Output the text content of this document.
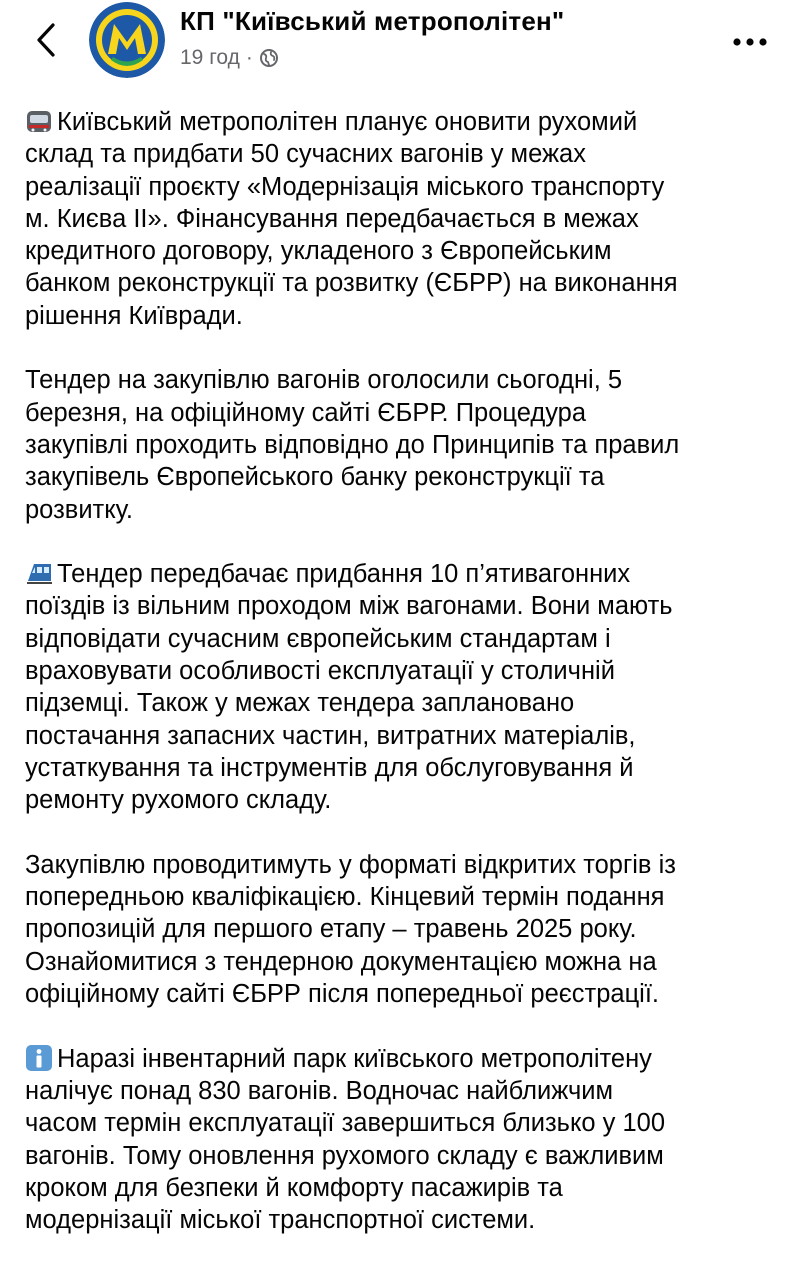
КП "Київський метрополітен"
19 год ·

Київський метрополітен планує оновити рухомий
склад та придбати 50 сучасних вагонів у межах
реалізації проєкту «Модернізація міського транспорту
м. Києва ІІ». Фінансування передбачається в межах
кредитного договору, укладеного з Європейським
банком реконструкції та розвитку (ЄБРР) на виконання
рішення Київради.

Тендер на закупівлю вагонів оголосили сьогодні, 5
березня, на офіційному сайті ЄБРР. Процедура
закупівлі проходить відповідно до Принципів та правил
закупівель Європейського банку реконструкції та
розвитку.

Тендер передбачає придбання 10 п’ятивагонних
поїздів із вільним проходом між вагонами. Вони мають
відповідати сучасним європейським стандартам і
враховувати особливості експлуатації у столичній
підземці. Також у межах тендера заплановано
постачання запасних частин, витратних матеріалів,
устаткування та інструментів для обслуговування й
ремонту рухомого складу.

Закупівлю проводитимуть у форматі відкритих торгів із
попередньою кваліфікацією. Кінцевий термін подання
пропозицій для першого етапу – травень 2025 року.
Ознайомитися з тендерною документацією можна на
офіційному сайті ЄБРР після попередньої реєстрації.

Наразі інвентарний парк київського метрополітену
налічує понад 830 вагонів. Водночас найближчим
часом термін експлуатації завершиться близько у 100
вагонів. Тому оновлення рухомого складу є важливим
кроком для безпеки й комфорту пасажирів та
модернізації міської транспортної системи.
